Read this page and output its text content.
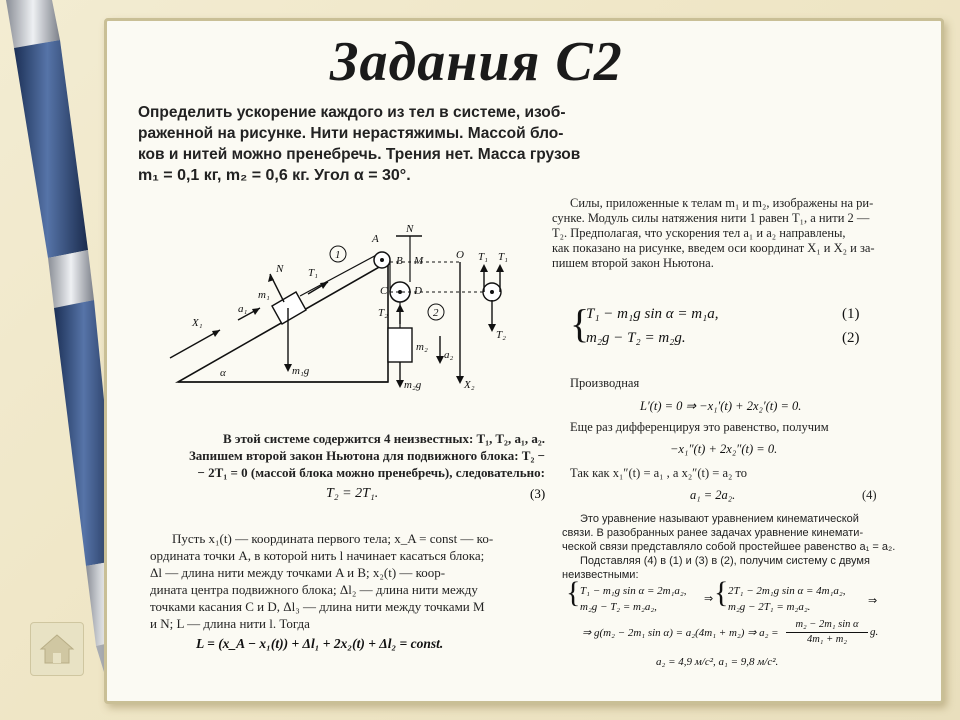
Задания С2
Определить ускорение каждого из тел в системе, изоб-
раженной на рисунке. Нити нерастяжимы. Массой бло-
ков и нитей можно пренебречь. Трения нет. Масса грузов
m₁ = 0,1 кг, m₂ = 0,6 кг. Угол α = 30°.
X₁
m₁
a₁
N
m₁g
T₁
1
A
N
B M
C D
T₂	2
m₂
a₂
m₂g
O
X₂
T₁ T₁
T₂
α
Силы, приложенные к телам m₁ и m₂, изображены на ри-
сунке. Модуль силы натяжения нити 1 равен T₁, а нити 2 —
T₂. Предполагая, что ускорения тел a₁ и a₂ направлены,
как показано на рисунке, введем оси координат X₁ и X₂ и за-
пишем второй закон Ньютона.
{
T₁ − m₁g sin α = m₁a,
m₂g − T₂ = m₂g.
(1)
(2)
В этой системе содержится 4 неизвестных: T₁, T₂, a₁, a₂.
Запишем второй закон Ньютона для подвижного блока: T₂ −
− 2T₁ = 0 (массой блока можно пренебречь), следовательно:
T₂ = 2T₁.	(3)
Производная
L′(t) = 0 ⇒ −x₁′(t) + 2x₂′(t) = 0.
Еще раз дифференцируя это равенство, получим
−x₁″(t) + 2x₂″(t) = 0.
Так как x₁″(t) = a₁ , а x₂″(t) = a₂ то
a₁ = 2a₂.	(4)
Пусть x₁(t) — координата первого тела; x_A = const — ко-
ордината точки A, в которой нить l начинает касаться блока;
Δl — длина нити между точками A и B; x₂(t) — коор-
дината центра подвижного блока; Δl₂ — длина нити между
точками касания C и D, Δl₃ — длина нити между точками M
и N; L — длина нити l. Тогда
L = (x_A − x₁(t)) + Δl₁ + 2x₂(t) + Δl₂ = const.
Это уравнение называют уравнением кинематической
связи. В разобранных ранее задачах уравнение кинемати-
ческой связи представляло собой простейшее равенство a₁ = a₂.
Подставляя (4) в (1) и (3) в (2), получим систему с двумя
неизвестными:
{ T₁ − m₁g sin α = 2m₁a₂,
m₂g − T₂ = m₂a₂,
⇒ { 2T₁ − 2m₁g sin α = 4m₁a₂,
m₂g − 2T₁ = m₂a₂.	⇒
⇒ g(m₂ − 2m₁ sin α) = a₂(4m₁ + m₂) ⇒ $a_2 = \frac{\text{m₂ − 2m₁ sin α}}{\text{4m₁ + m₂}} g$.
a₂ = 4,9 м/с², a₁ = 9,8 м/с².
